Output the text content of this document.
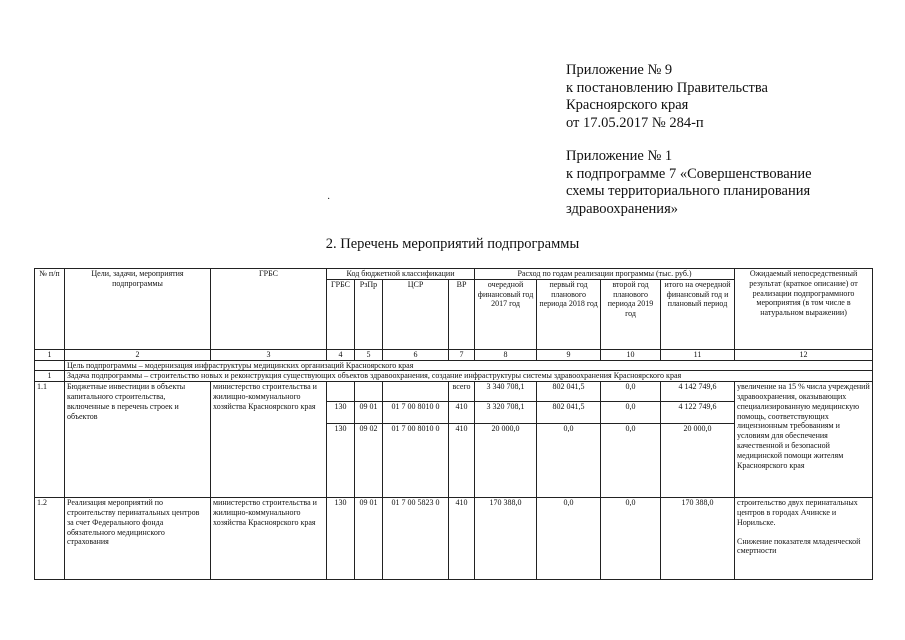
Приложение № 9
к постановлению Правительства
Красноярского края
от 17.05.2017 № 284-п
Приложение № 1
к подпрограмме 7 «Совершенствование
схемы территориального планирования
здравоохранения»
·
2. Перечень мероприятий подпрограммы
№ п/п	Цели, задачи, мероприятия подпрограммы	ГРБС	Код бюджетной классификации				Расход по годам реализации программы (тыс. руб.)				Ожидаемый непосредственный результат (краткое описание) от реализации подпрограммного мероприятия (в том числе в натуральном выражении)
			ГРБС	РзПр	ЦСР	ВР	очередной финансовый год 2017 год	первый год планового периода 2018 год	второй год планового периода 2019 год	итого на очередной финансовый год и плановый период	
1	2	3	4	5	6	7	8	9	10	11	12
	Цель подпрограммы – модернизация инфраструктуры медицинских организаций Красноярского края										
1	Задача подпрограммы – строительство новых и реконструкция существующих объектов здравоохранения, создание инфраструктуры системы здравоохранения Красноярского края										
1.1	Бюджетные инвестиции в объекты капитального строительства, включенные в перечень строек и объектов	министерство строительства и жилищно-коммунального хозяйства Красноярского края				всего	3 340 708,1	802 041,5	0,0	4 142 749,6	увеличение на 15 % числа учреждений здравоохранения, оказывающих специализированную медицинскую помощь, соответствующих лицензионным требованиям и условиям для обеспечения качественной и безопасной медицинской помощи жителям Красноярского края
			130	09 01	01 7 00 8010 0	410	3 320 708,1	802 041,5	0,0	4 122 749,6	
			130	09 02	01 7 00 8010 0	410	20 000,0	0,0	0,0	20 000,0	
1.2	Реализация мероприятий по строительству перинатальных центров за счет Федерального фонда обязательного медицинского страхования	министерство строительства и жилищно-коммунального хозяйства Красноярского края	130	09 01	01 7 00 5823 0	410	170 388,0	0,0	0,0	170 388,0	строительство двух перинатальных центров в городах Ачинске и Норильске.
Снижение показателя младенческой смертности
